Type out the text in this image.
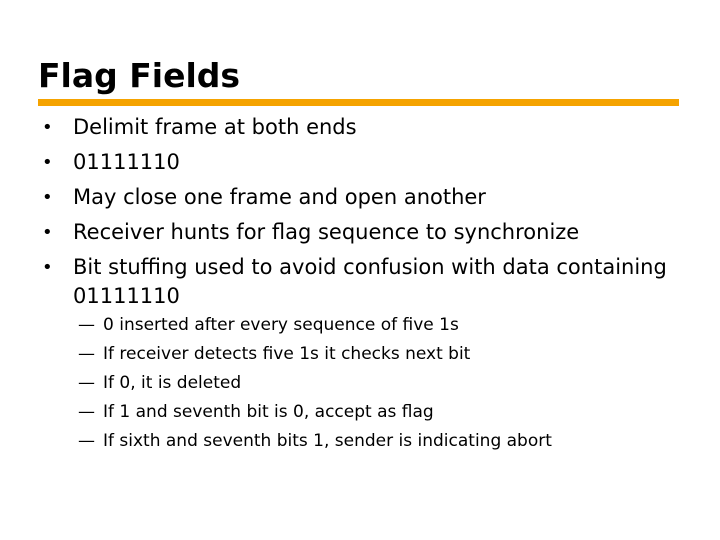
Flag Fields
• Delimit frame at both ends
• 01111110
• May close one frame and open another
• Receiver hunts for flag sequence to synchronize
• Bit stuffing used to avoid confusion with data containing 01111110
— 0 inserted after every sequence of five 1s
— If receiver detects five 1s it checks next bit
— If 0, it is deleted
— If 1 and seventh bit is 0, accept as flag
— If sixth and seventh bits 1, sender is indicating abort
